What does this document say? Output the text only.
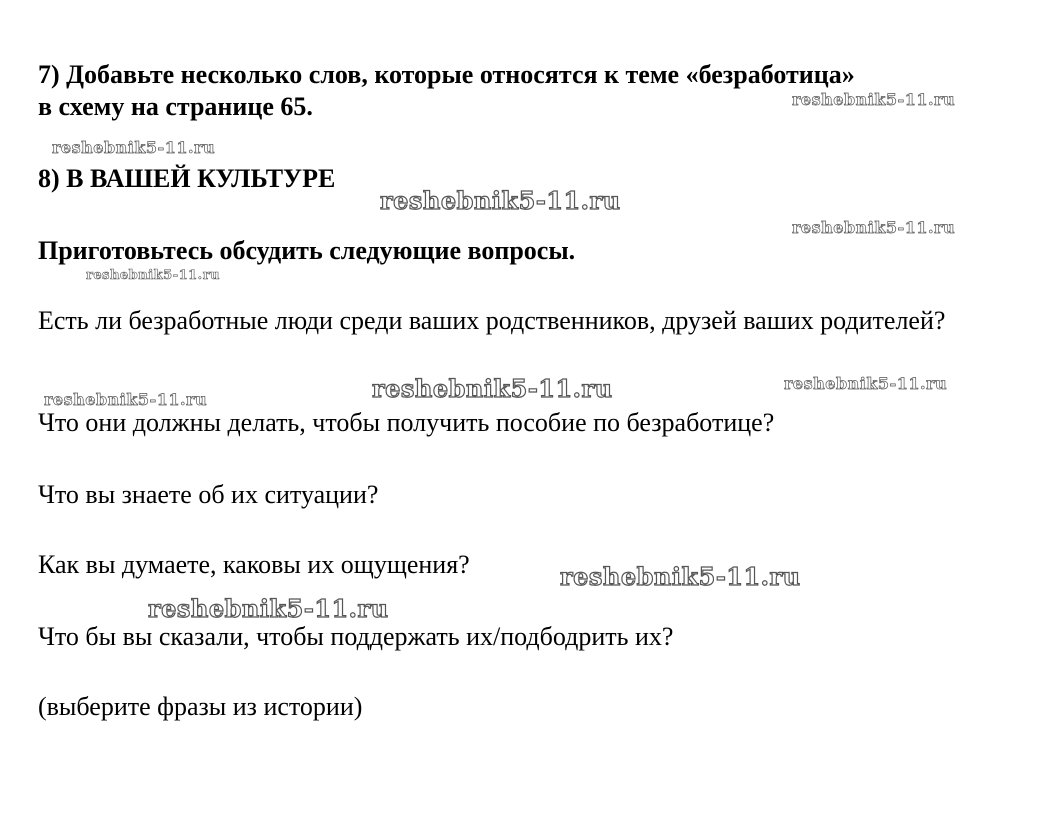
7) Добавьте несколько слов, которые относятся к теме «безработица»
в схему на странице 65.
8) В ВАШЕЙ КУЛЬТУРЕ
Приготовьтесь обсудить следующие вопросы.
Есть ли безработные люди среди ваших родственников, друзей ваших родителей?
Что они должны делать, чтобы получить пособие по безработице?
Что вы знаете об их ситуации?
Как вы думаете, каковы их ощущения?
Что бы вы сказали, чтобы поддержать их/подбодрить их?
(выберите фразы из истории)
reshebnik5-11.ru
reshebnik5-11.ru
reshebnik5-11.ru
reshebnik5-11.ru
reshebnik5-11.ru
reshebnik5-11.ru	reshebnik5-11.ru	reshebnik5-11.ru
reshebnik5-11.ru
reshebnik5-11.ru
